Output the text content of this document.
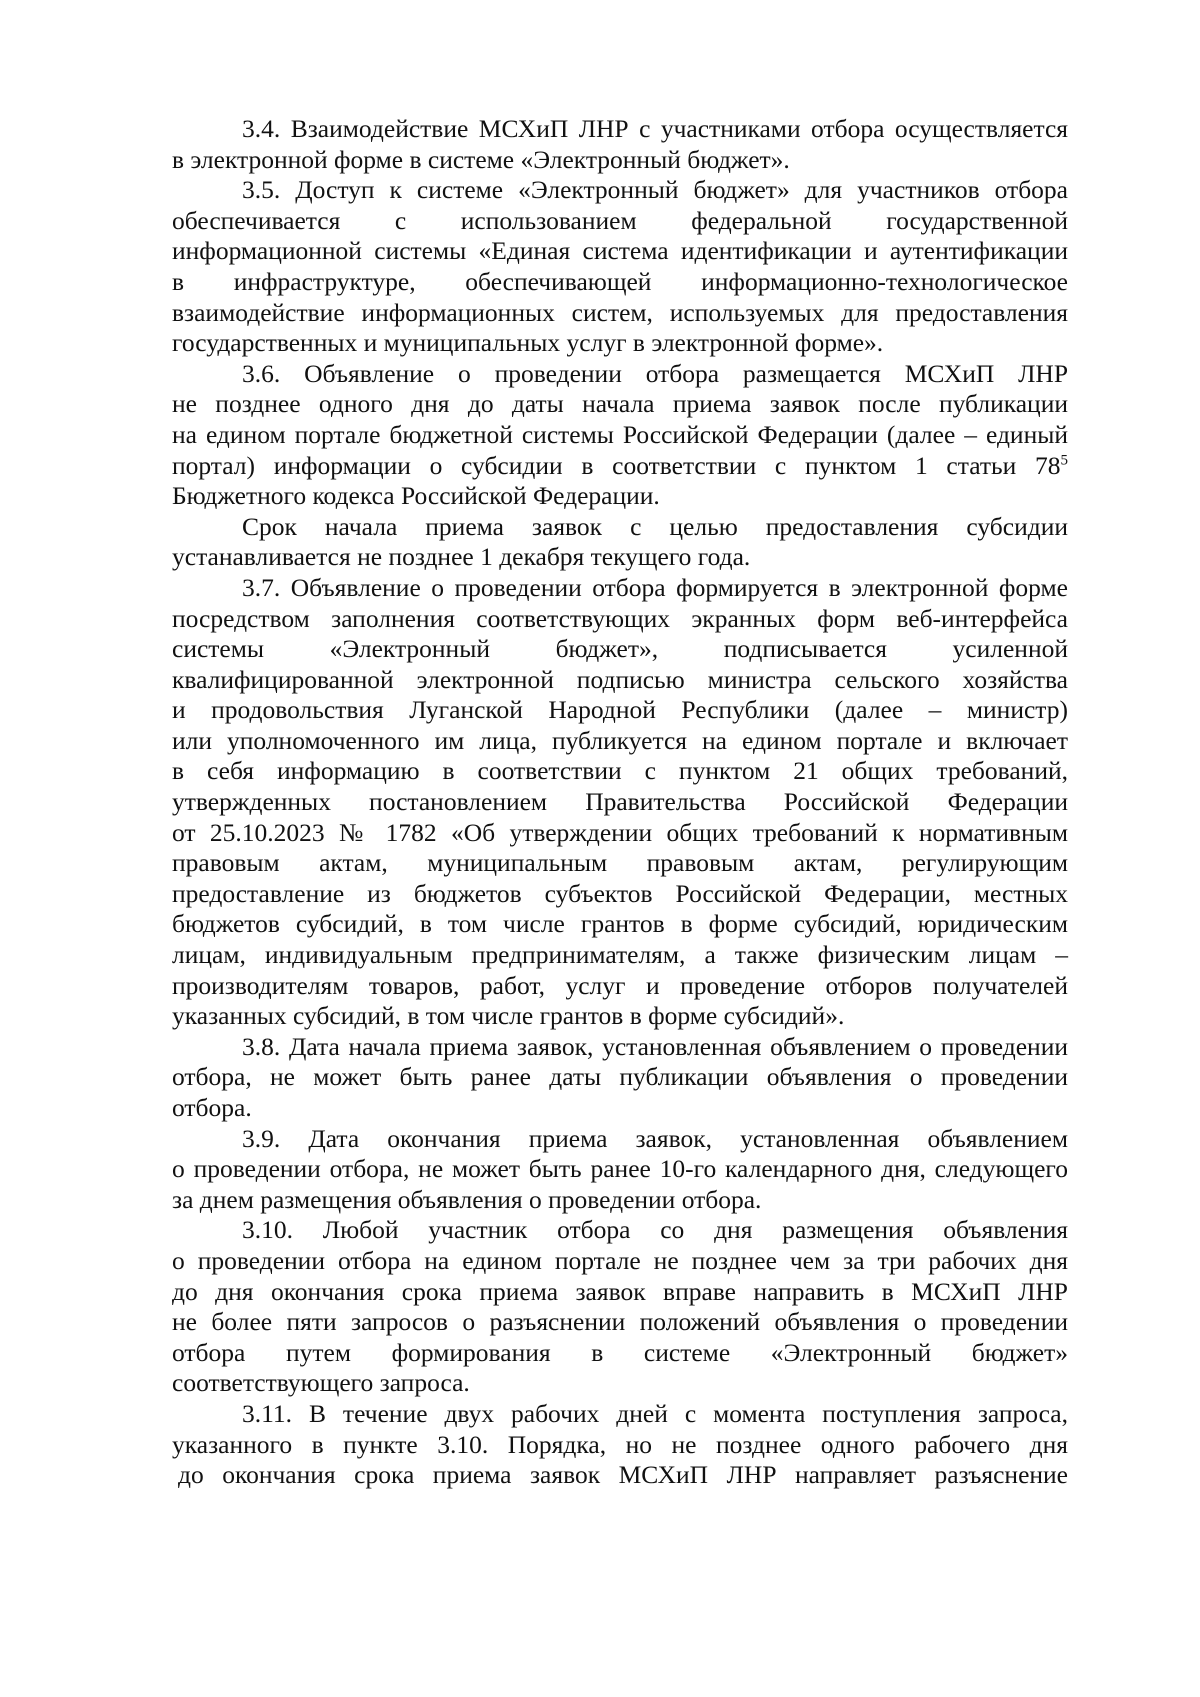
3.4. Взаимодействие МСХиП ЛНР с участниками отбора осуществляется
в электронной форме в системе «Электронный бюджет».

3.5. Доступ к системе «Электронный бюджет» для участников отбора
обеспечивается с использованием федеральной государственной
информационной системы «Единая система идентификации и аутентификации
в инфраструктуре, обеспечивающей информационно-технологическое
взаимодействие информационных систем, используемых для предоставления
государственных и муниципальных услуг в электронной форме».

3.6. Объявление о проведении отбора размещается МСХиП ЛНР
не позднее одного дня до даты начала приема заявок после публикации
на едином портале бюджетной системы Российской Федерации (далее – единый
портал) информации о субсидии в соответствии с пунктом 1 статьи $78^5$
Бюджетного кодекса Российской Федерации.

Срок начала приема заявок с целью предоставления субсидии
устанавливается не позднее 1 декабря текущего года.

3.7. Объявление о проведении отбора формируется в электронной форме
посредством заполнения соответствующих экранных форм веб-интерфейса
системы «Электронный бюджет», подписывается усиленной
квалифицированной электронной подписью министра сельского хозяйства
и продовольствия Луганской Народной Республики (далее – министр)
или уполномоченного им лица, публикуется на едином портале и включает
в себя информацию в соответствии с пунктом 21 общих требований,
утвержденных постановлением Правительства Российской Федерации
от 25.10.2023 № 1782 «Об утверждении общих требований к нормативным
правовым актам, муниципальным правовым актам, регулирующим
предоставление из бюджетов субъектов Российской Федерации, местных
бюджетов субсидий, в том числе грантов в форме субсидий, юридическим
лицам, индивидуальным предпринимателям, а также физическим лицам –
производителям товаров, работ, услуг и проведение отборов получателей
указанных субсидий, в том числе грантов в форме субсидий».

3.8. Дата начала приема заявок, установленная объявлением о проведении
отбора, не может быть ранее даты публикации объявления о проведении
отбора.

3.9. Дата окончания приема заявок, установленная объявлением
о проведении отбора, не может быть ранее 10-го календарного дня, следующего
за днем размещения объявления о проведении отбора.

3.10. Любой участник отбора со дня размещения объявления
о проведении отбора на едином портале не позднее чем за три рабочих дня
до дня окончания срока приема заявок вправе направить в МСХиП ЛНР
не более пяти запросов о разъяснении положений объявления о проведении
отбора путем формирования в системе «Электронный бюджет»
соответствующего запроса.

3.11. В течение двух рабочих дней с момента поступления запроса,
указанного в пункте 3.10. Порядка, но не позднее одного рабочего дня
до окончания срока приема заявок МСХиП ЛНР направляет разъяснение
